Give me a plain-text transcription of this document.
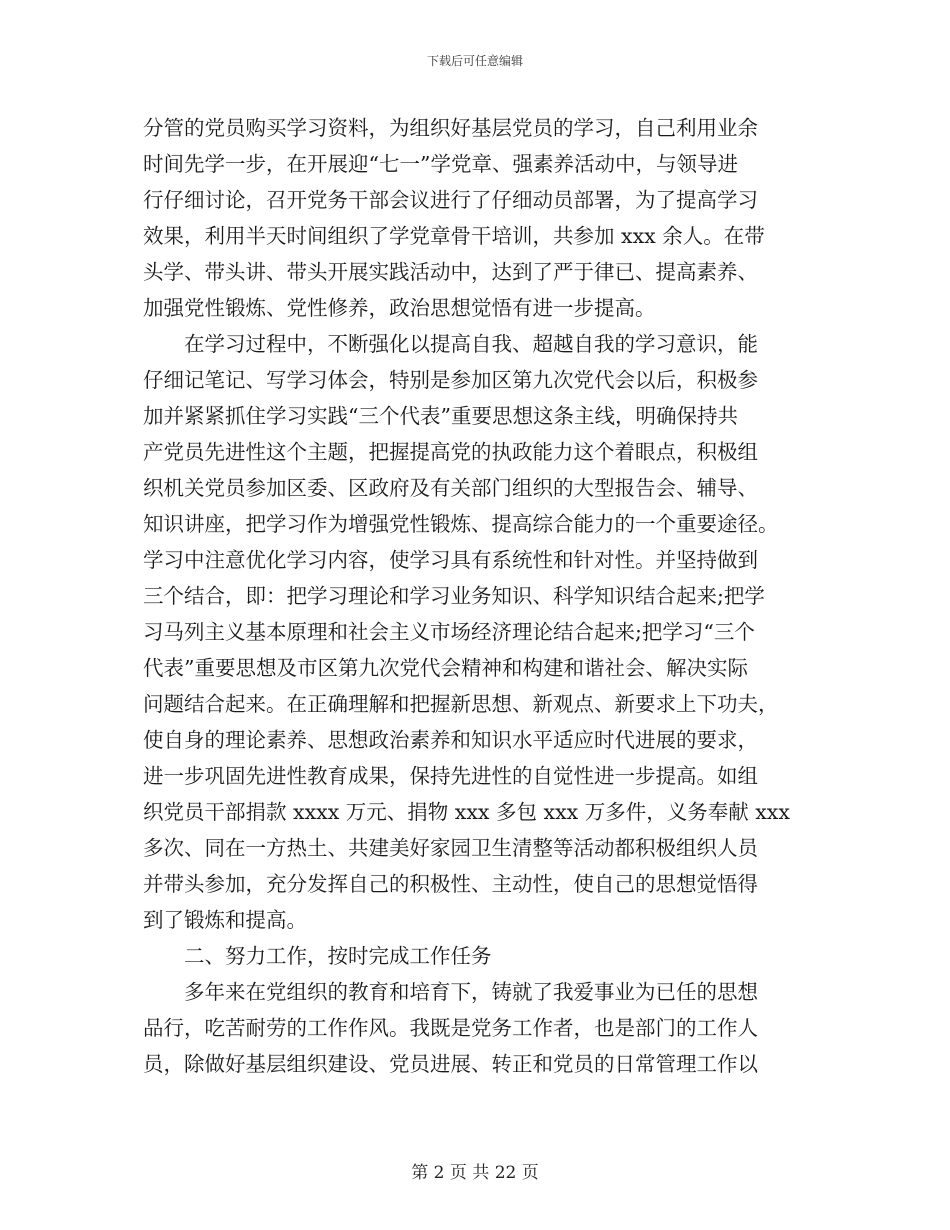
下载后可任意编辑
分管的党员购买学习资料，为组织好基层党员的学习，自己利用业余
时间先学一步，在开展迎“七一”学党章、强素养活动中，与领导进
行仔细讨论，召开党务干部会议进行了仔细动员部署，为了提高学习
效果，利用半天时间组织了学党章骨干培训，共参加 xxx 余人。在带
头学、带头讲、带头开展实践活动中，达到了严于律已、提高素养、
加强党性锻炼、党性修养，政治思想觉悟有进一步提高。
　　在学习过程中，不断强化以提高自我、超越自我的学习意识，能
仔细记笔记、写学习体会，特别是参加区第九次党代会以后，积极参
加并紧紧抓住学习实践“三个代表”重要思想这条主线，明确保持共
产党员先进性这个主题，把握提高党的执政能力这个着眼点，积极组
织机关党员参加区委、区政府及有关部门组织的大型报告会、辅导、
知识讲座，把学习作为增强党性锻炼、提高综合能力的一个重要途径。
学习中注意优化学习内容，使学习具有系统性和针对性。并坚持做到
三个结合，即：把学习理论和学习业务知识、科学知识结合起来;把学
习马列主义基本原理和社会主义市场经济理论结合起来;把学习“三个
代表”重要思想及市区第九次党代会精神和构建和谐社会、解决实际
问题结合起来。在正确理解和把握新思想、新观点、新要求上下功夫，
使自身的理论素养、思想政治素养和知识水平适应时代进展的要求，
进一步巩固先进性教育成果，保持先进性的自觉性进一步提高。如组
织党员干部捐款 xxxx 万元、捐物 xxx 多包 xxx 万多件，义务奉献 xxx
多次、同在一方热土、共建美好家园卫生清整等活动都积极组织人员
并带头参加，充分发挥自己的积极性、主动性，使自己的思想觉悟得
到了锻炼和提高。
　　二、努力工作，按时完成工作任务
　　多年来在党组织的教育和培育下，铸就了我爱事业为已任的思想
品行，吃苦耐劳的工作作风。我既是党务工作者，也是部门的工作人
员，除做好基层组织建设、党员进展、转正和党员的日常管理工作以
第 2 页 共 22 页
